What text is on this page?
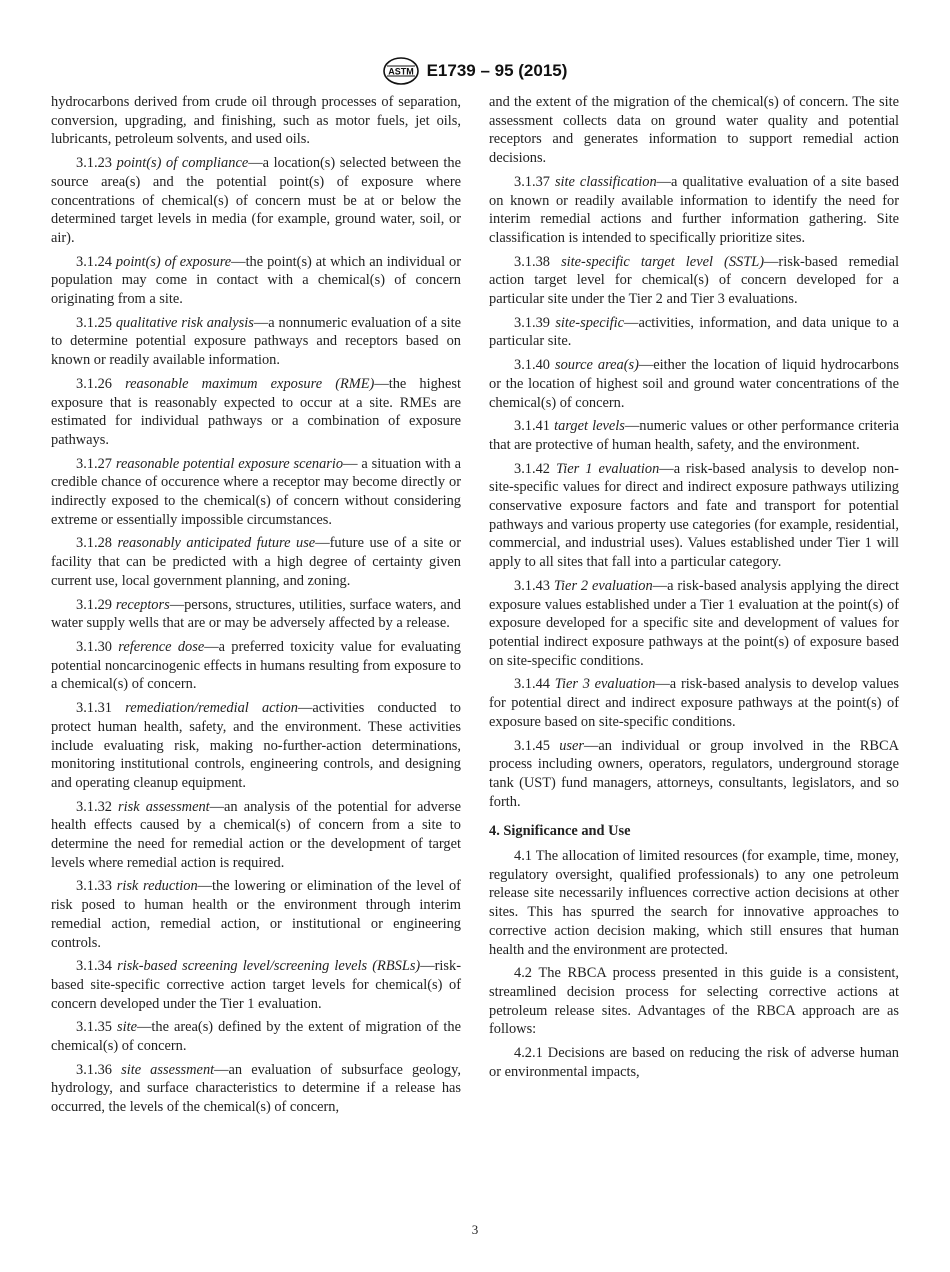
ASTM E1739 – 95 (2015)

hydrocarbons derived from crude oil through processes of separation, conversion, upgrading, and finishing, such as motor fuels, jet oils, lubricants, petroleum solvents, and used oils.

3.1.23 point(s) of compliance—a location(s) selected between the source area(s) and the potential point(s) of exposure where concentrations of chemical(s) of concern must be at or below the determined target levels in media (for example, ground water, soil, or air).

3.1.24 point(s) of exposure—the point(s) at which an individual or population may come in contact with a chemical(s) of concern originating from a site.

3.1.25 qualitative risk analysis—a nonnumeric evaluation of a site to determine potential exposure pathways and receptors based on known or readily available information.

3.1.26 reasonable maximum exposure (RME)—the highest exposure that is reasonably expected to occur at a site. RMEs are estimated for individual pathways or a combination of exposure pathways.

3.1.27 reasonable potential exposure scenario— a situation with a credible chance of occurence where a receptor may become directly or indirectly exposed to the chemical(s) of concern without considering extreme or essentially impossible circumstances.

3.1.28 reasonably anticipated future use—future use of a site or facility that can be predicted with a high degree of certainty given current use, local government planning, and zoning.

3.1.29 receptors—persons, structures, utilities, surface waters, and water supply wells that are or may be adversely affected by a release.

3.1.30 reference dose—a preferred toxicity value for evaluating potential noncarcinogenic effects in humans resulting from exposure to a chemical(s) of concern.

3.1.31 remediation/remedial action—activities conducted to protect human health, safety, and the environment. These activities include evaluating risk, making no-further-action determinations, monitoring institutional controls, engineering controls, and designing and operating cleanup equipment.

3.1.32 risk assessment—an analysis of the potential for adverse health effects caused by a chemical(s) of concern from a site to determine the need for remedial action or the development of target levels where remedial action is required.

3.1.33 risk reduction—the lowering or elimination of the level of risk posed to human health or the environment through interim remedial action, remedial action, or institutional or engineering controls.

3.1.34 risk-based screening level/screening levels (RBSLs)—risk-based site-specific corrective action target levels for chemical(s) of concern developed under the Tier 1 evaluation.

3.1.35 site—the area(s) defined by the extent of migration of the chemical(s) of concern.

3.1.36 site assessment—an evaluation of subsurface geology, hydrology, and surface characteristics to determine if a release has occurred, the levels of the chemical(s) of concern,

and the extent of the migration of the chemical(s) of concern. The site assessment collects data on ground water quality and potential receptors and generates information to support remedial action decisions.

3.1.37 site classification—a qualitative evaluation of a site based on known or readily available information to identify the need for interim remedial actions and further information gathering. Site classification is intended to specifically prioritize sites.

3.1.38 site-specific target level (SSTL)—risk-based remedial action target level for chemical(s) of concern developed for a particular site under the Tier 2 and Tier 3 evaluations.

3.1.39 site-specific—activities, information, and data unique to a particular site.

3.1.40 source area(s)—either the location of liquid hydrocarbons or the location of highest soil and ground water concentrations of the chemical(s) of concern.

3.1.41 target levels—numeric values or other performance criteria that are protective of human health, safety, and the environment.

3.1.42 Tier 1 evaluation—a risk-based analysis to develop non-site-specific values for direct and indirect exposure pathways utilizing conservative exposure factors and fate and transport for potential pathways and various property use categories (for example, residential, commercial, and industrial uses). Values established under Tier 1 will apply to all sites that fall into a particular category.

3.1.43 Tier 2 evaluation—a risk-based analysis applying the direct exposure values established under a Tier 1 evaluation at the point(s) of exposure developed for a specific site and development of values for potential indirect exposure pathways at the point(s) of exposure based on site-specific conditions.

3.1.44 Tier 3 evaluation—a risk-based analysis to develop values for potential direct and indirect exposure pathways at the point(s) of exposure based on site-specific conditions.

3.1.45 user—an individual or group involved in the RBCA process including owners, operators, regulators, underground storage tank (UST) fund managers, attorneys, consultants, legislators, and so forth.

4. Significance and Use

4.1 The allocation of limited resources (for example, time, money, regulatory oversight, qualified professionals) to any one petroleum release site necessarily influences corrective action decisions at other sites. This has spurred the search for innovative approaches to corrective action decision making, which still ensures that human health and the environment are protected.

4.2 The RBCA process presented in this guide is a consistent, streamlined decision process for selecting corrective actions at petroleum release sites. Advantages of the RBCA approach are as follows:

4.2.1 Decisions are based on reducing the risk of adverse human or environmental impacts,

3
